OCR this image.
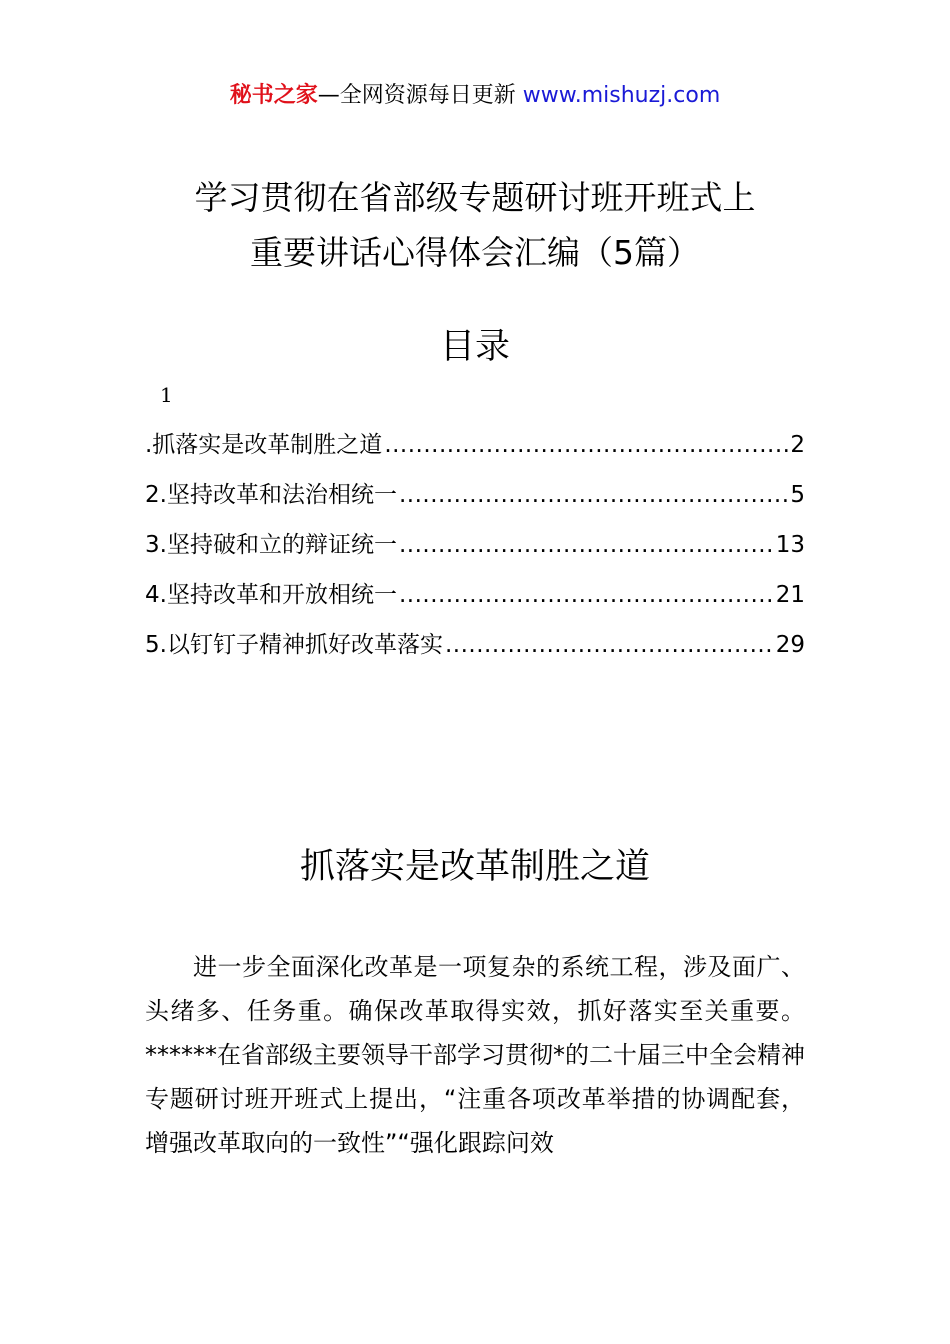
秘书之家—全网资源每日更新 www.mishuzj.com
学习贯彻在省部级专题研讨班开班式上
重要讲话心得体会汇编（5篇）
目录
1
.抓落实是改革制胜之道 .....	2
2.坚持改革和法治相统一 .....	5
3.坚持破和立的辩证统一 .....	13
4.坚持改革和开放相统一 .....	21
5.以钉钉子精神抓好改革落实 .....	29
抓落实是改革制胜之道

进一步全面深化改革是一项复杂的系统工程，涉及面广、头绪多、任务重。确保改革取得实效，抓好落实至关重要。******在省部级主要领导干部学习贯彻*的二十届三中全会精神专题研讨班开班式上提出，“注重各项改革举措的协调配套，增强改革取向的一致性”“强化跟踪问效
